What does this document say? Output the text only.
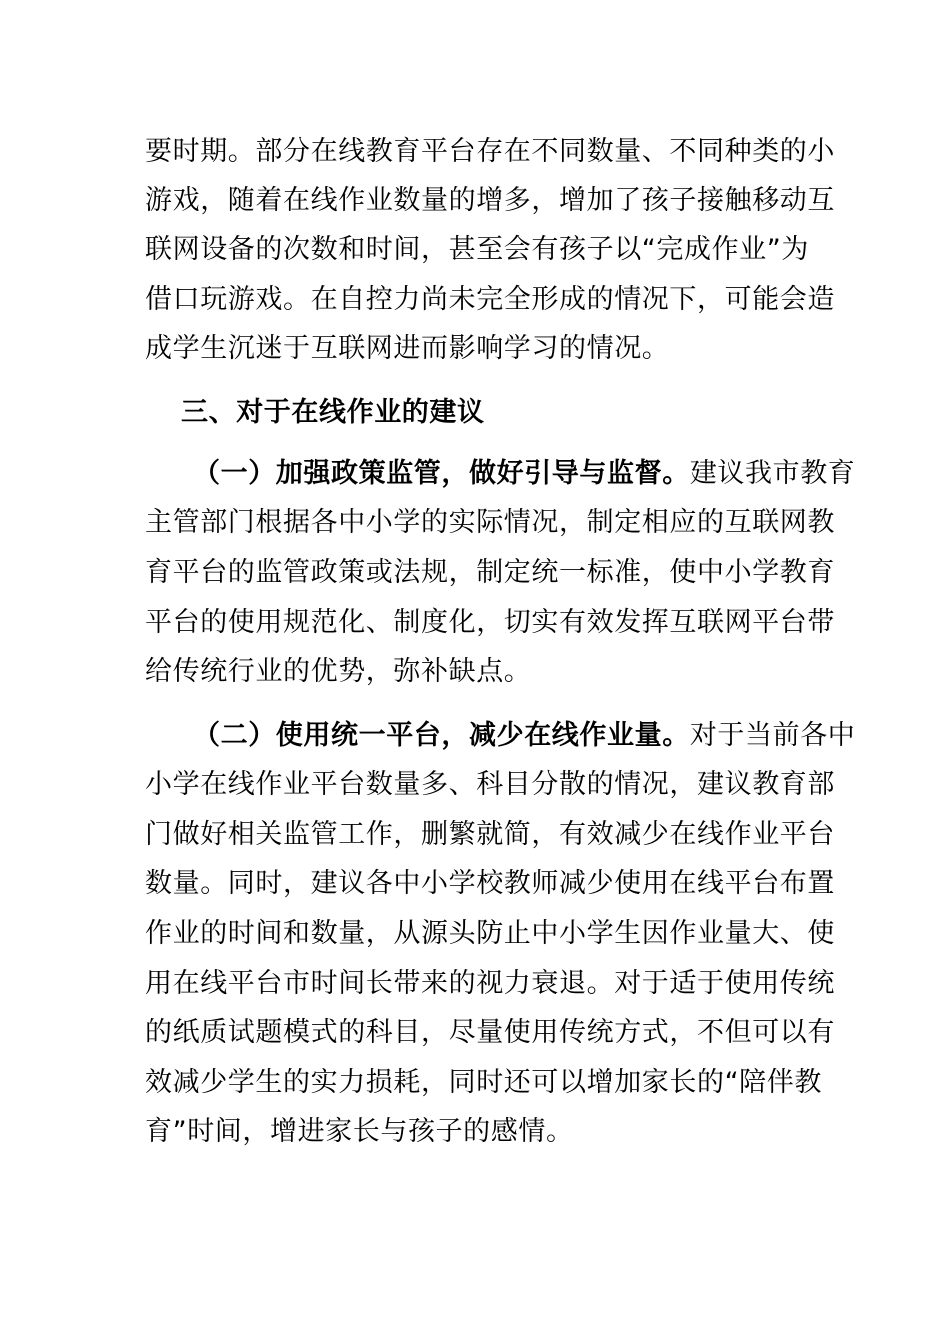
要时期。部分在线教育平台存在不同数量、不同种类的小
游戏，随着在线作业数量的增多，增加了孩子接触移动互
联网设备的次数和时间，甚至会有孩子以“完成作业”为
借口玩游戏。在自控力尚未完全形成的情况下，可能会造
成学生沉迷于互联网进而影响学习的情况。
三、对于在线作业的建议
（一）加强政策监管，做好引导与监督。建议我市教育
主管部门根据各中小学的实际情况，制定相应的互联网教
育平台的监管政策或法规，制定统一标准，使中小学教育
平台的使用规范化、制度化，切实有效发挥互联网平台带
给传统行业的优势，弥补缺点。
（二）使用统一平台，减少在线作业量。对于当前各中
小学在线作业平台数量多、科目分散的情况，建议教育部
门做好相关监管工作，删繁就简，有效减少在线作业平台
数量。同时，建议各中小学校教师减少使用在线平台布置
作业的时间和数量，从源头防止中小学生因作业量大、使
用在线平台市时间长带来的视力衰退。对于适于使用传统
的纸质试题模式的科目，尽量使用传统方式，不但可以有
效减少学生的实力损耗，同时还可以增加家长的“陪伴教
育”时间，增进家长与孩子的感情。
